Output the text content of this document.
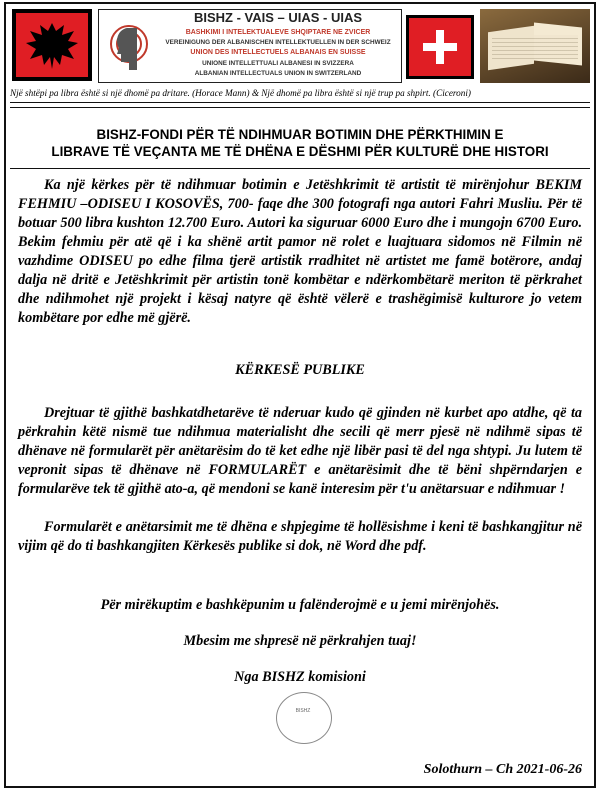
BISHZ - VAIS – UIAS - UIAS
BASHKIMI I INTELEKTUALËVE SHQIPTARË NË ZVICËR
VEREINIGUNG DER ALBANISCHEN INTELLEKTUELLEN IN DER SCHWEIZ
UNION DES INTELLECTUELS ALBANAIS EN SUISSE
UNIONE INTELLETTUALI ALBANESI IN SVIZZERA
ALBANIAN INTELLECTUALS UNION IN SWITZERLAND
Një shtëpi pa libra është si një dhomë pa dritare. (Horace Mann) & Një dhomë pa libra është si një trup pa shpirt. (Ciceroni)
BISHZ-FONDI PËR TË NDIHMUAR BOTIMIN DHE PËRKTHIMIN E
LIBRAVE TË VEÇANTA ME TË DHËNA E DËSHMI PËR KULTURË DHE HISTORI
Ka një kërkes për të ndihmuar botimin e Jetëshkrimit të artistit të mirënjohur BEKIM FEHMIU –ODISEU I KOSOVËS, 700- faqe dhe 300 fotografi nga autori Fahri Musliu. Për të botuar 500 libra kushton 12.700 Euro. Autori ka siguruar 6000 Euro dhe i mungojn 6700 Euro. Bekim fehmiu për atë që i ka shënë artit pamor në rolet e luajtuara sidomos në Filmin në vazhdime ODISEU po edhe filma tjerë artistik rradhitet në artistet me famë botërore, andaj dalja në dritë e Jetëshkrimit për artistin tonë kombëtar e ndërkombëtarë meriton të përkrahet dhe ndihmohet një projekt i kësaj natyre që është vëlerë e trashëgimisë kulturore jo vetem kombëtare por edhe më gjërë.
KËRKESË PUBLIKE
Drejtuar të gjithë bashkatdhetarëve të nderuar kudo që gjinden në kurbet apo atdhe, që ta përkrahin këtë nismë tue ndihmua materialisht dhe secili që merr pjesë në ndihmë sipas të dhënave në formularët për anëtarësim do të ket edhe një libër pasi të del nga shtypi. Ju lutem të vepronit sipas të dhënave në FORMULARËT e anëtarësimit dhe të bëni shpërndarjen e formularëve tek të gjithë ato-a, që mendoni se kanë interesim për t'u anëtarsuar e ndihmuar !
Formularët e anëtarsimit me të dhëna e shpjegime të hollësishme i keni të bashkangjitur në vijim që do ti bashkangjiten Kërkesës publike si dok, në Word dhe pdf.
Për mirëkuptim e bashkëpunim u falënderojmë e u jemi mirënjohës.
Mbesim me shpresë në përkrahjen tuaj!
Nga BISHZ komisioni
BISHZ
Solothurn – Ch 2021-06-26
